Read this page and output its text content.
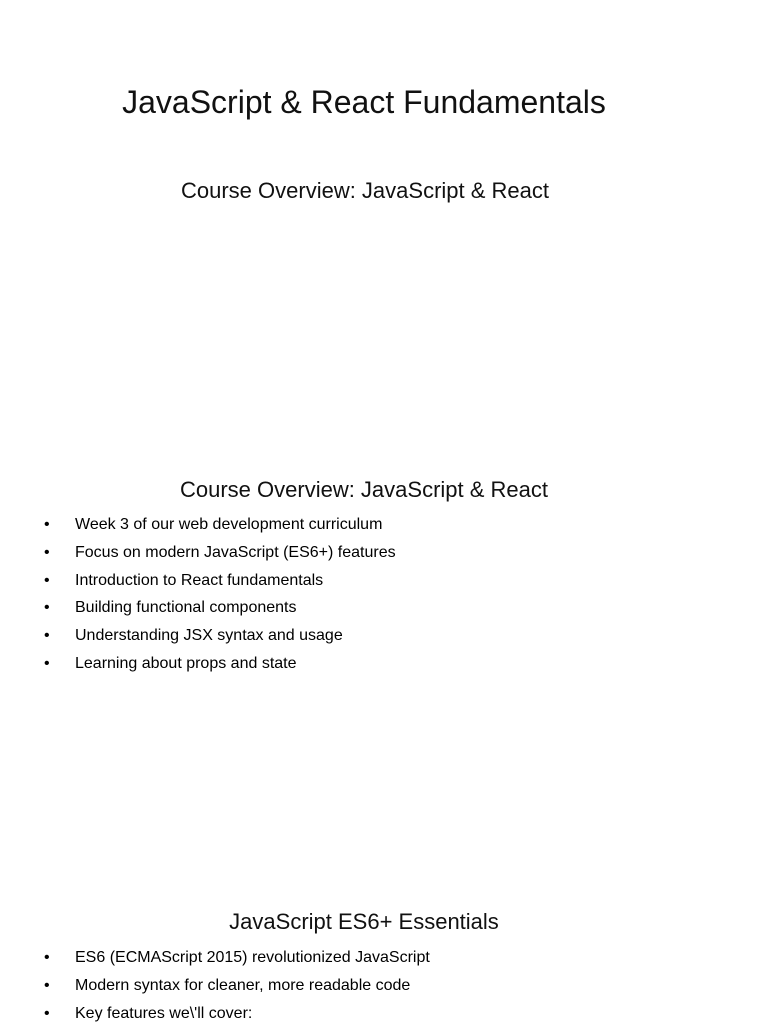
JavaScript & React Fundamentals
Course Overview: JavaScript & React
Course Overview: JavaScript & React
• Week 3 of our web development curriculum
• Focus on modern JavaScript (ES6+) features
• Introduction to React fundamentals
• Building functional components
• Understanding JSX syntax and usage
• Learning about props and state
JavaScript ES6+ Essentials
• ES6 (ECMAScript 2015) revolutionized JavaScript
• Modern syntax for cleaner, more readable code
• Key features we\'ll cover:
